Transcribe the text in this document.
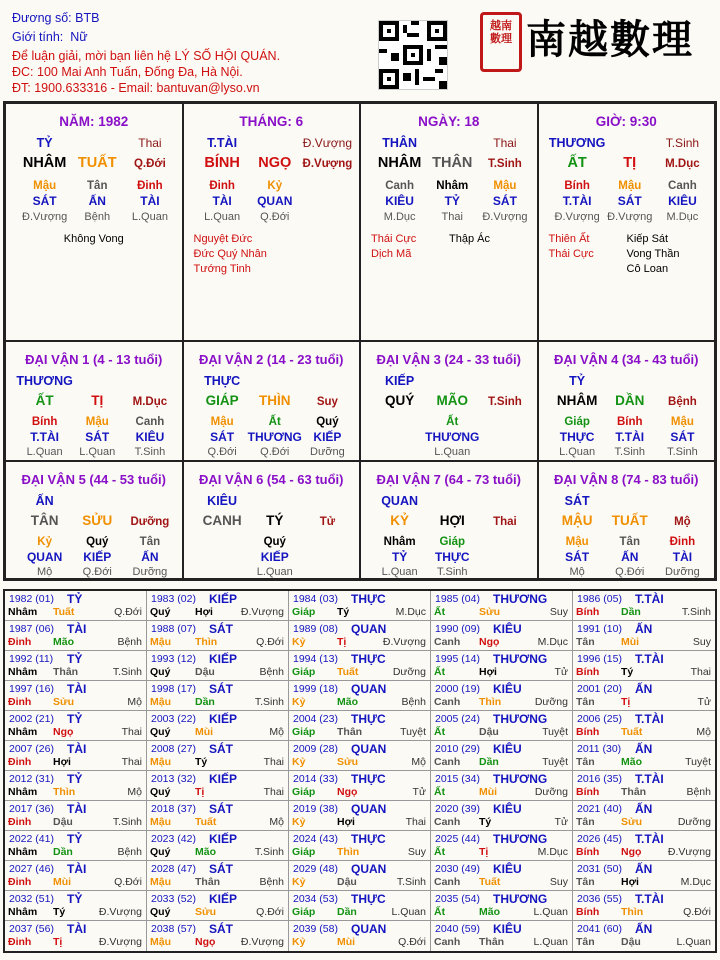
Đương số: BTB
Giới tính: Nữ
Để luận giải, mời bạn liên hệ LÝ SỐ HỘI QUÁN.
ĐC: 100 Mai Anh Tuấn, Đống Đa, Hà Nội.
ĐT: 1900.633316 - Email: bantuvan@lyso.vn
越南 數理 南越數理
NĂM: 1982
TỶ	Thai
NHÂM TUẤT Q.Đới
Mậu	Tân	Đinh
SÁT	ẤN	TÀI
Đ.Vượng Bệnh L.Quan
Không Vong
THÁNG: 6
T.TÀI	Đ.Vượng
BÍNH NGỌ Đ.Vượng
Đinh	Kỷ
TÀI QUAN
L.Quan Q.Đới
Nguyệt Đức
Đức Quý Nhân
Tướng Tinh
NGÀY: 18
THÂN	Thai
NHÂM THÂN T.Sinh
Canh Nhâm Mậu
KIÊU	TỶ	SÁT
M.Dục Thai Đ.Vượng
Thái Cực
Dịch Mã
Thập Ác
GIỜ: 9:30
THƯƠNG	T.Sinh
ẤT	TỊ	M.Dục
Bính Mậu Canh
T.TÀI SÁT KIÊU
Đ.Vượng Đ.Vượng M.Dục
Thiên Ất
Thái Cực
Kiếp Sát
Vong Thần
Cô Loan
ĐẠI VẬN 1 (4 - 13 tuổi)
THƯƠNG
ẤT	TỊ	M.Dục
Bính Mậu Canh
T.TÀI SÁT KIÊU
L.Quan L.Quan T.Sinh
ĐẠI VẬN 2 (14 - 23 tuổi)
THỰC
GIÁP THÌN Suy
Mậu	Ất	Quý
SÁT THƯƠNG KIẾP
Q.Đới Q.Đới Dưỡng
ĐẠI VẬN 3 (24 - 33 tuổi)
KIẾP
QUÝ MÃO T.Sinh
Ất
THƯƠNG
L.Quan
ĐẠI VẬN 4 (34 - 43 tuổi)
TỶ
NHÂM DẦN Bệnh
Giáp Bính Mậu
THỰC T.TÀI SÁT
L.Quan T.Sinh T.Sinh
ĐẠI VẬN 5 (44 - 53 tuổi)
ẤN
TÂN SỬU Dưỡng
Kỷ	Quý	Tân
QUAN KIẾP ẤN
Mộ	Q.Đới Dưỡng
ĐẠI VẬN 6 (54 - 63 tuổi)
KIÊU
CANH TÝ	Tử
Quý
KIẾP
L.Quan
ĐẠI VẬN 7 (64 - 73 tuổi)
QUAN
KỶ HỢI Thai
Nhâm Giáp
TỶ THỰC
L.Quan T.Sinh
ĐẠI VẬN 8 (74 - 83 tuổi)
SÁT
MẬU TUẤT Mộ
Mậu	Tân	Đinh
SÁT	ẤN	TÀI
Mộ	Q.Đới Dưỡng
1982 (01) TỶ
Nhâm Tuất	Q.Đới
1983 (02) KIẾP
Quý Hợi	Đ.Vượng
1984 (03) THỰC
Giáp Tý	M.Dục
1985 (04) THƯƠNG
Ất	Sửu	Suy
1986 (05) T.TÀI
Bính Dần	T.Sinh
1987 (06) TÀI
Đinh Mão	Bệnh
1988 (07) SÁT
Mậu Thìn	Q.Đới
1989 (08) QUAN
Kỷ	Tị	Đ.Vượng
1990 (09) KIÊU
Canh Ngọ	M.Dục
1991 (10) ẤN
Tân	Mùi	Suy
1992 (11) TỶ
Nhâm Thân	T.Sinh
1993 (12) KIẾP
Quý Dậu	Bệnh
1994 (13) THỰC
Giáp Tuất	Dưỡng
1995 (14) THƯƠNG
Ất	Hợi	Tử
1996 (15) T.TÀI
Bính Tý	Thai
1997 (16) TÀI
Đinh Sửu	Mộ
1998 (17) SÁT
Mậu Dần	T.Sinh
1999 (18) QUAN
Kỷ	Mão	Bệnh
2000 (19) KIÊU
Canh Thìn	Dưỡng
2001 (20) ẤN
Tân	Tị	Tử
2002 (21) TỶ
Nhâm Ngọ	Thai
2003 (22) KIẾP
Quý Mùi	Mộ
2004 (23) THỰC
Giáp Thân	Tuyệt
2005 (24) THƯƠNG
Ất	Dậu	Tuyệt
2006 (25) T.TÀI
Bính Tuất	Mộ
2007 (26) TÀI
Đinh Hợi	Thai
2008 (27) SÁT
Mậu Tý	Thai
2009 (28) QUAN
Kỷ	Sửu	Mộ
2010 (29) KIÊU
Canh Dần	Tuyệt
2011 (30) ẤN
Tân	Mão	Tuyệt
2012 (31) TỶ
Nhâm Thìn	Mộ
2013 (32) KIẾP
Quý Tị	Thai
2014 (33) THỰC
Giáp Ngọ	Tử
2015 (34) THƯƠNG
Ất	Mùi	Dưỡng
2016 (35) T.TÀI
Bính Thân	Bệnh
2017 (36) TÀI
Đinh Dậu	T.Sinh
2018 (37) SÁT
Mậu Tuất	Mộ
2019 (38) QUAN
Kỷ	Hợi	Thai
2020 (39) KIÊU
Canh Tý	Tử
2021 (40) ẤN
Tân	Sửu	Dưỡng
2022 (41) TỶ
Nhâm Dần	Bệnh
2023 (42) KIẾP
Quý Mão	T.Sinh
2024 (43) THỰC
Giáp Thìn	Suy
2025 (44) THƯƠNG
Ất	Tị	M.Dục
2026 (45) T.TÀI
Bính Ngọ	Đ.Vượng
2027 (46) TÀI
Đinh Mùi	Q.Đới
2028 (47) SÁT
Mậu Thân	Bệnh
2029 (48) QUAN
Kỷ	Dậu	T.Sinh
2030 (49) KIÊU
Canh Tuất	Suy
2031 (50) ẤN
Tân	Hợi	M.Dục
2032 (51) TỶ
Nhâm Tý	Đ.Vượng
2033 (52) KIẾP
Quý Sửu	Q.Đới
2034 (53) THỰC
Giáp Dần	L.Quan
2035 (54) THƯƠNG
Ất	Mão	L.Quan
2036 (55) T.TÀI
Bính Thìn	Q.Đới
2037 (56) TÀI
Đinh Tị	Đ.Vượng
2038 (57) SÁT
Mậu Ngọ Đ.Vượng
2039 (58) QUAN
Kỷ	Mùi	Q.Đới
2040 (59) KIÊU
Canh Thân	L.Quan
2041 (60) ẤN
Tân	Dậu	L.Quan
